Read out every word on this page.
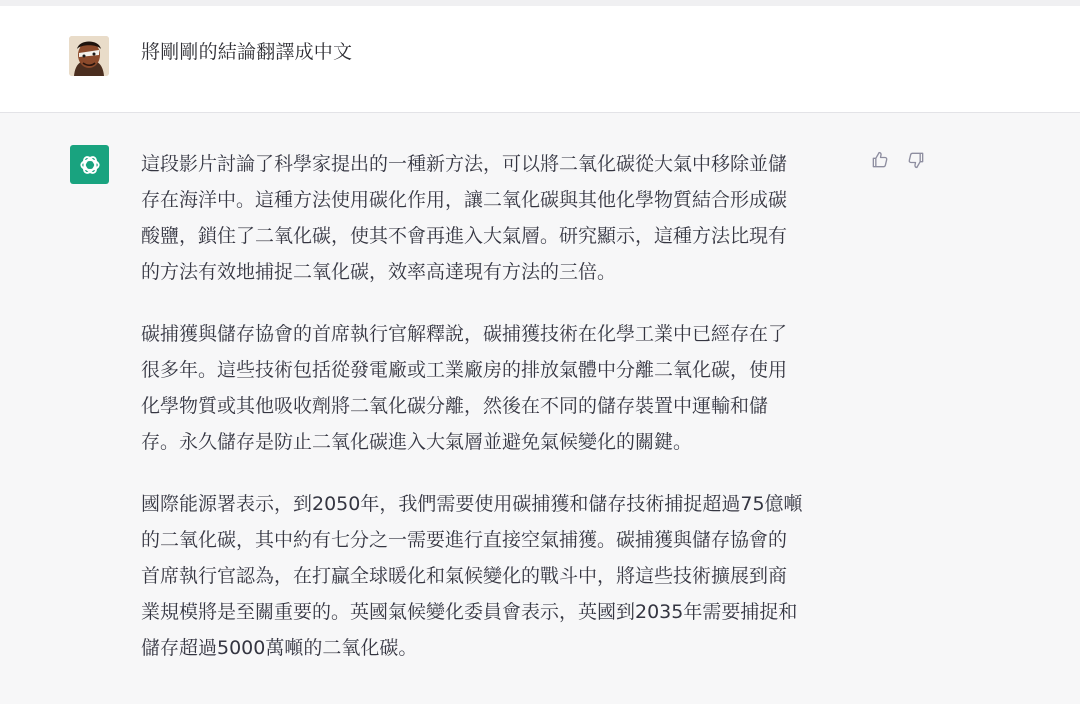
將剛剛的結論翻譯成中文

這段影片討論了科學家提出的一種新方法，可以將二氧化碳從大氣中移除並儲
存在海洋中。這種方法使用碳化作用，讓二氧化碳與其他化學物質結合形成碳
酸鹽，鎖住了二氧化碳，使其不會再進入大氣層。研究顯示，這種方法比現有
的方法有效地捕捉二氧化碳，效率高達現有方法的三倍。

碳捕獲與儲存協會的首席執行官解釋說，碳捕獲技術在化學工業中已經存在了
很多年。這些技術包括從發電廠或工業廠房的排放氣體中分離二氧化碳，使用
化學物質或其他吸收劑將二氧化碳分離，然後在不同的儲存裝置中運輸和儲
存。永久儲存是防止二氧化碳進入大氣層並避免氣候變化的關鍵。

國際能源署表示，到2050年，我們需要使用碳捕獲和儲存技術捕捉超過75億噸
的二氧化碳，其中約有七分之一需要進行直接空氣捕獲。碳捕獲與儲存協會的
首席執行官認為，在打贏全球暖化和氣候變化的戰斗中，將這些技術擴展到商
業規模將是至關重要的。英國氣候變化委員會表示，英國到2035年需要捕捉和
儲存超過5000萬噸的二氧化碳。
